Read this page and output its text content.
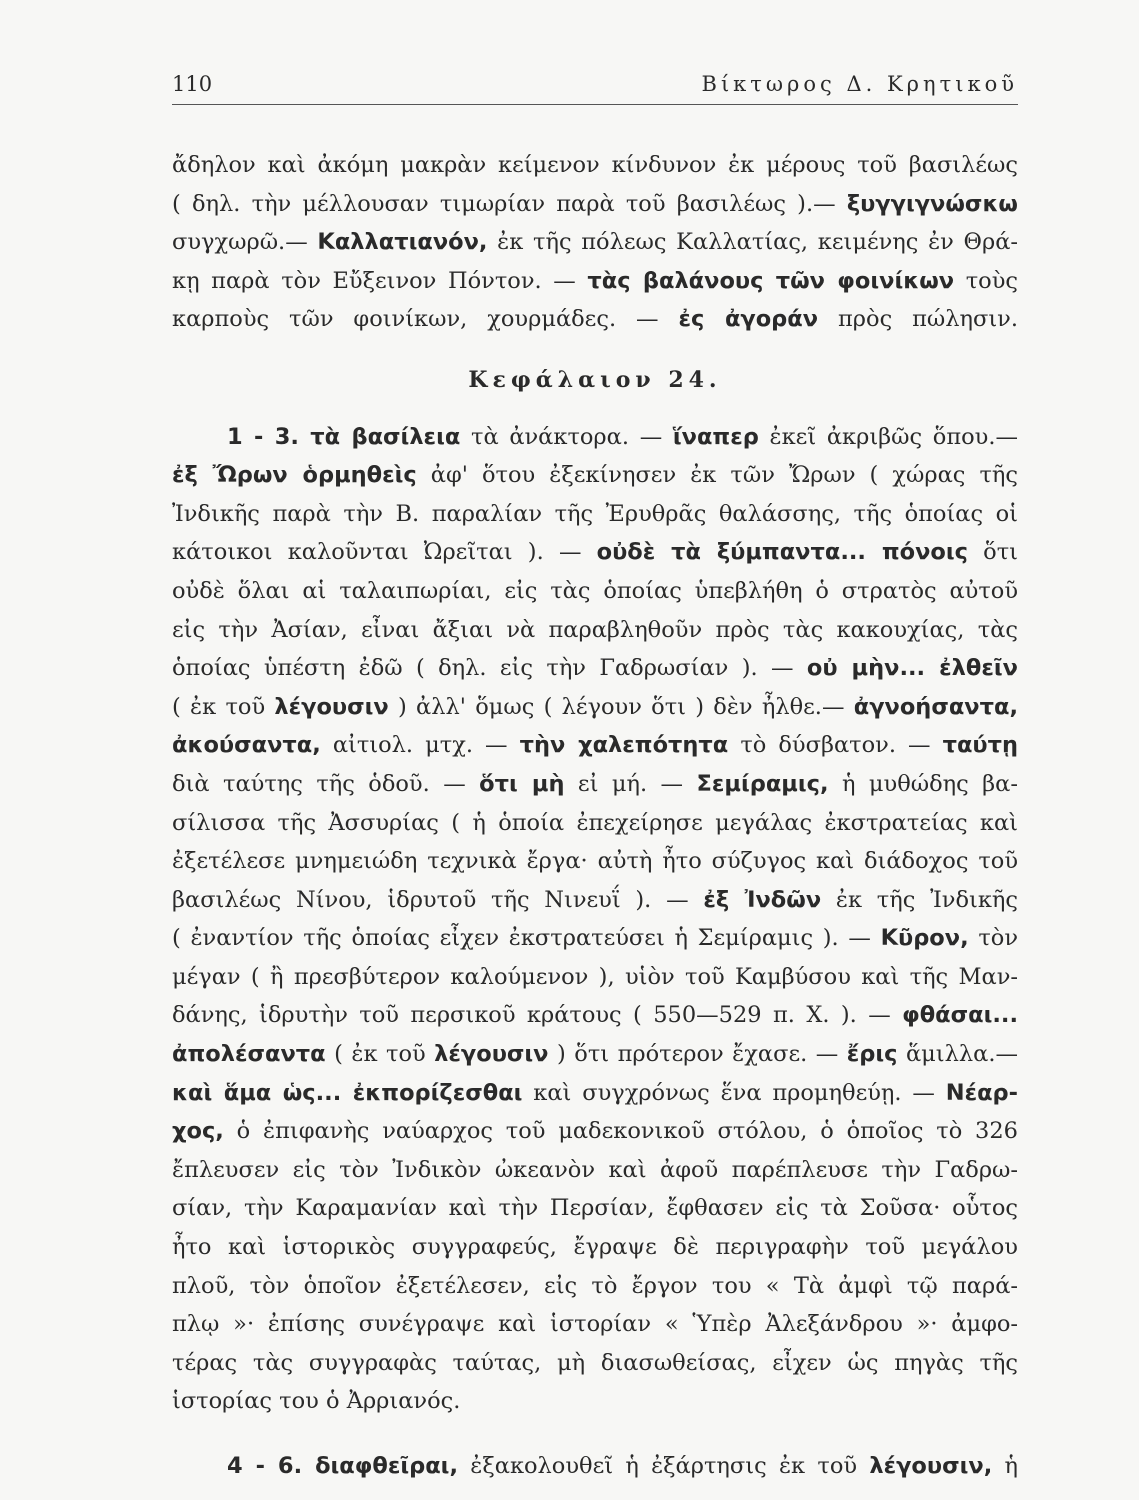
110	Βίκτωρος Δ. Κρητικοῦ
ἄδηλον καὶ ἀκόμη μακρὰν κείμενον κίνδυνον ἐκ μέρους τοῦ βασιλέως
( δηλ. τὴν μέλλουσαν τιμωρίαν παρὰ τοῦ βασιλέως ).— ξυγγιγνώσκω
συγχωρῶ.— Καλλατιανόν, ἐκ τῆς πόλεως Καλλατίας, κειμένης ἐν Θρά-
κῃ παρὰ τὸν Εὔξεινον Πόντον. — τὰς βαλάνους τῶν φοινίκων τοὺς
καρποὺς τῶν φοινίκων, χουρμάδες. — ἐς ἀγοράν πρὸς πώλησιν.
Κεφάλαιον 24.
1 - 3. τὰ βασίλεια τὰ ἀνάκτορα. — ἵναπερ ἐκεῖ ἀκριβῶς ὅπου.—
ἐξ Ὤρων ὁρμηθεὶς ἀφ' ὅτου ἐξεκίνησεν ἐκ τῶν Ὤρων ( χώρας τῆς
Ἰνδικῆς παρὰ τὴν Β. παραλίαν τῆς Ἐρυθρᾶς θαλάσσης, τῆς ὁποίας οἱ
κάτοικοι καλοῦνται Ὠρεῖται ). — οὐδὲ τὰ ξύμπαντα... πόνοις ὅτι
οὐδὲ ὅλαι αἱ ταλαιπωρίαι, εἰς τὰς ὁποίας ὑπεβλήθη ὁ στρατὸς αὐτοῦ
εἰς τὴν Ἀσίαν, εἶναι ἄξιαι νὰ παραβληθοῦν πρὸς τὰς κακουχίας, τὰς
ὁποίας ὑπέστη ἐδῶ ( δηλ. εἰς τὴν Γαδρωσίαν ). — οὐ μὴν... ἐλθεῖν
( ἐκ τοῦ λέγουσιν ) ἀλλ' ὅμως ( λέγουν ὅτι ) δὲν ἦλθε.— ἀγνοήσαντα,
ἀκούσαντα, αἰτιολ. μτχ. — τὴν χαλεπότητα τὸ δύσβατον. — ταύτῃ
διὰ ταύτης τῆς ὁδοῦ. — ὅτι μὴ εἰ μή. — Σεμίραμις, ἡ μυθώδης βα-
σίλισσα τῆς Ἀσσυρίας ( ἡ ὁποία ἐπεχείρησε μεγάλας ἐκστρατείας καὶ
ἐξετέλεσε μνημειώδη τεχνικὰ ἔργα· αὐτὴ ἦτο σύζυγος καὶ διάδοχος τοῦ
βασιλέως Νίνου, ἱδρυτοῦ τῆς Νινευΐ ). — ἐξ Ἰνδῶν ἐκ τῆς Ἰνδικῆς
( ἐναντίον τῆς ὁποίας εἶχεν ἐκστρατεύσει ἡ Σεμίραμις ). — Κῦρον, τὸν
μέγαν ( ἢ πρεσβύτερον καλούμενον ), υἱὸν τοῦ Καμβύσου καὶ τῆς Μαν-
δάνης, ἱδρυτὴν τοῦ περσικοῦ κράτους ( 550—529 π. Χ. ). — φθάσαι...
ἀπολέσαντα ( ἐκ τοῦ λέγουσιν ) ὅτι πρότερον ἔχασε. — ἔρις ἅμιλλα.—
καὶ ἅμα ὡς... ἐκπορίζεσθαι καὶ συγχρόνως ἕνα προμηθεύῃ. — Νέαρ-
χος, ὁ ἐπιφανὴς ναύαρχος τοῦ μαδεκονικοῦ στόλου, ὁ ὁποῖος τὸ 326
ἔπλευσεν εἰς τὸν Ἰνδικὸν ὠκεανὸν καὶ ἀφοῦ παρέπλευσε τὴν Γαδρω-
σίαν, τὴν Καραμανίαν καὶ τὴν Περσίαν, ἔφθασεν εἰς τὰ Σοῦσα· οὗτος
ἦτο καὶ ἱστορικὸς συγγραφεύς, ἔγραψε δὲ περιγραφὴν τοῦ μεγάλου
πλοῦ, τὸν ὁποῖον ἐξετέλεσεν, εἰς τὸ ἔργον του « Τὰ ἀμφὶ τῷ παρά-
πλῳ »· ἐπίσης συνέγραψε καὶ ἱστορίαν « Ὑπὲρ Ἀλεξάνδρου »· ἀμφο-
τέρας τὰς συγγραφὰς ταύτας, μὴ διασωθείσας, εἶχεν ὡς πηγὰς τῆς
ἱστορίας του ὁ Ἀρριανός.
4 - 6. διαφθεῖραι, ἐξακολουθεῖ ἡ ἐξάρτησις ἐκ τοῦ λέγουσιν, ἡ
